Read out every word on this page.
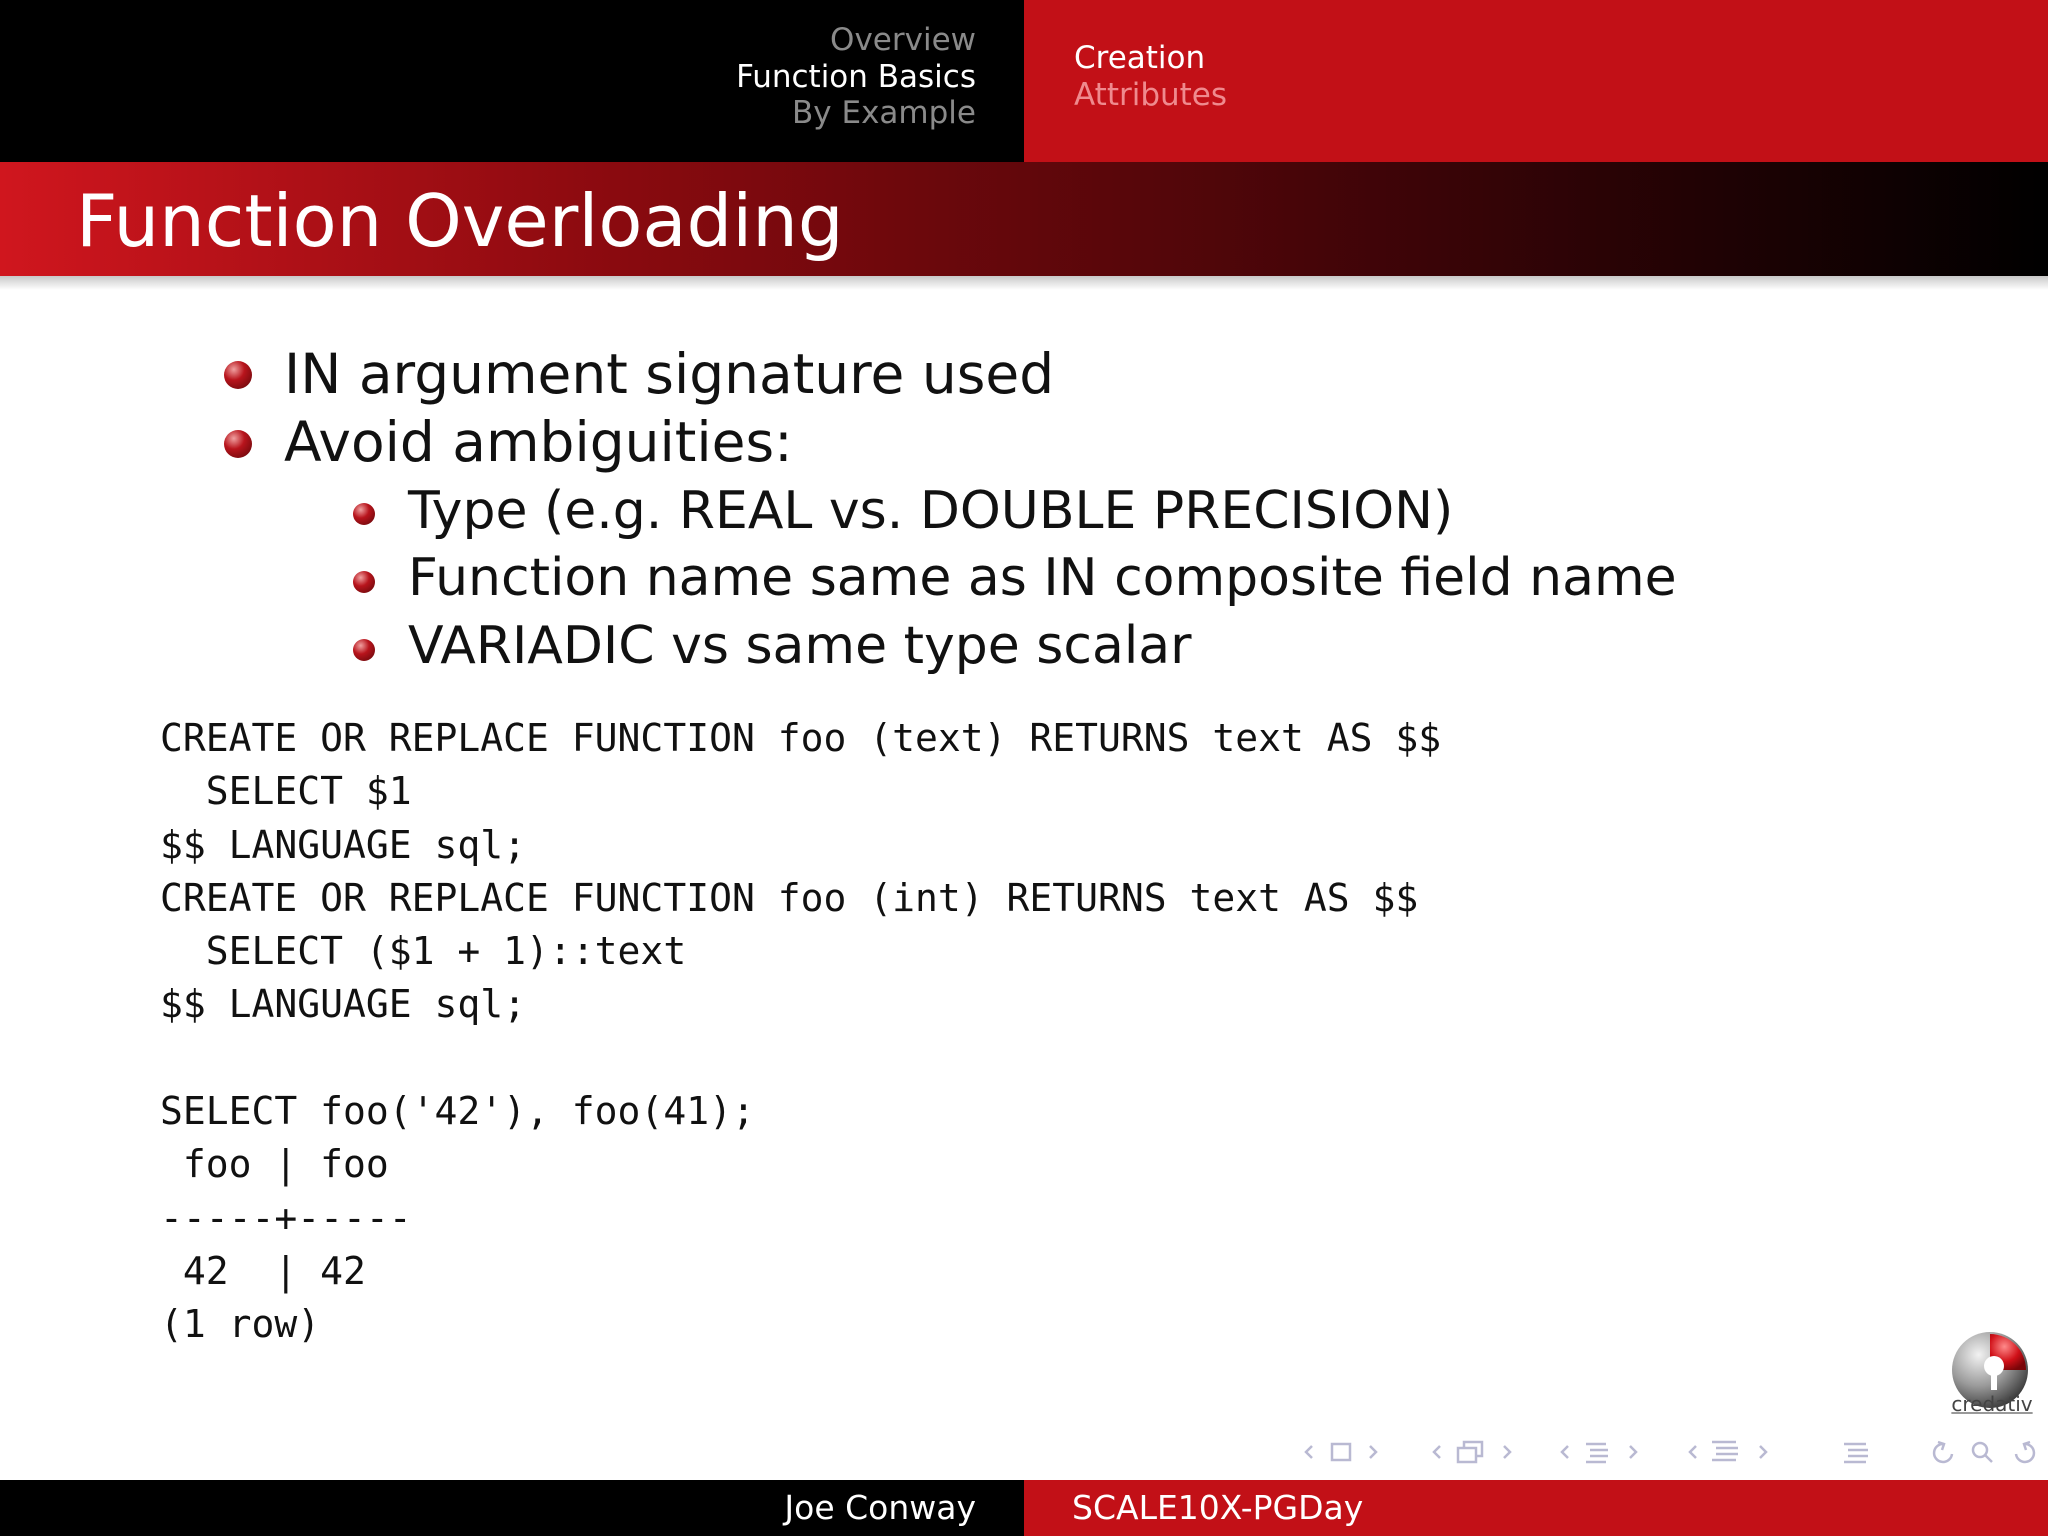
Overview
Function Basics
By Example
Creation
Attributes
Function Overloading
IN argument signature used
Avoid ambiguities:
Type (e.g. REAL vs. DOUBLE PRECISION)
Function name same as IN composite field name
VARIADIC vs same type scalar
CREATE OR REPLACE FUNCTION foo (text) RETURNS text AS $$
SELECT $1
$$ LANGUAGE sql;
CREATE OR REPLACE FUNCTION foo (int) RETURNS text AS $$
SELECT ($1 + 1)::text
$$ LANGUAGE sql;

SELECT foo('42'), foo(41);
foo | foo
-----+-----
42  | 42
(1 row)
credativ
Joe Conway	SCALE10X-PGDay
